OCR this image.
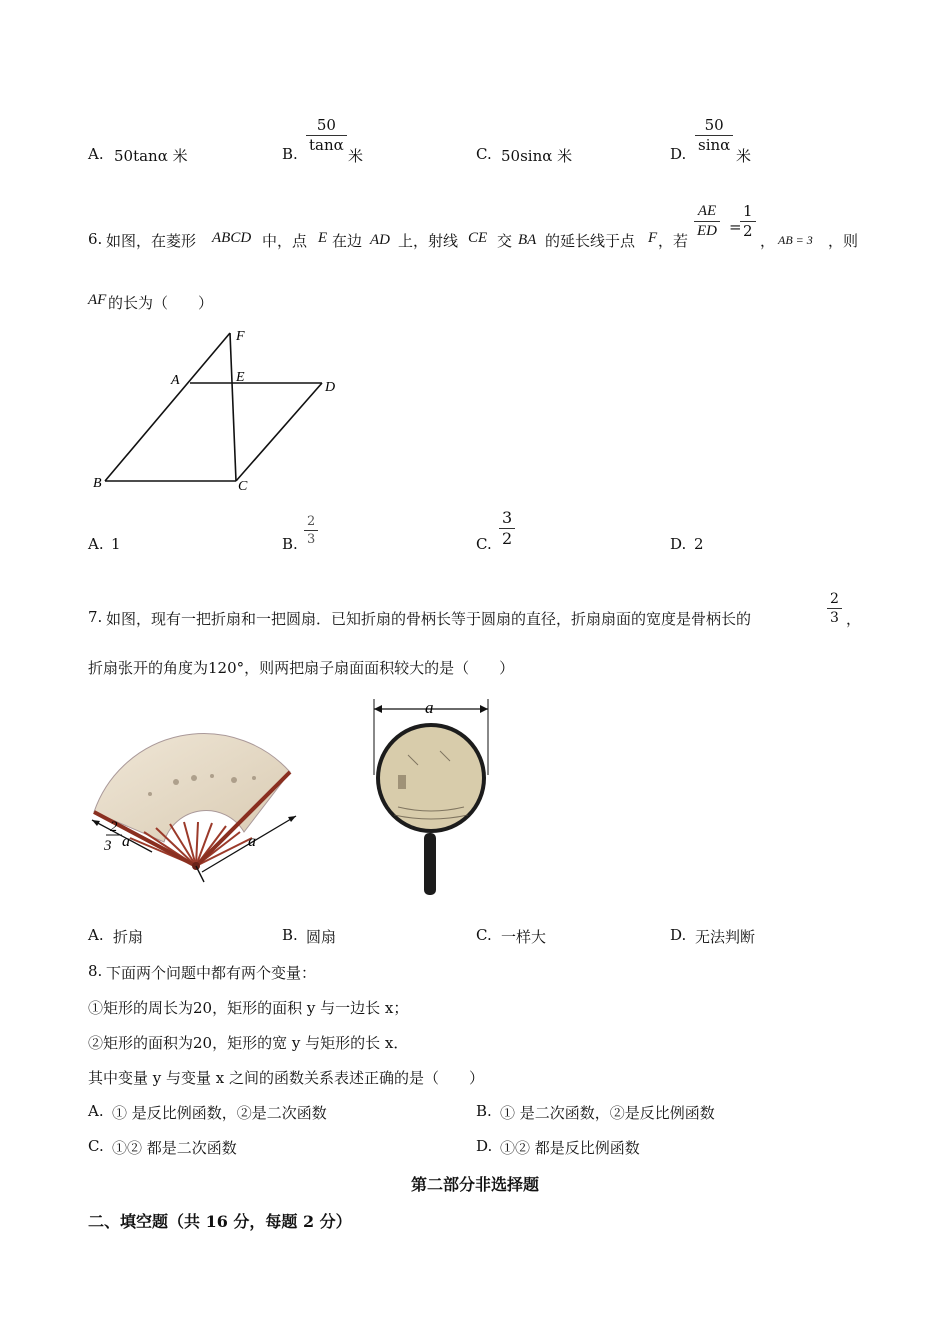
A. 50tanα 米	B.
50
tanα
米	C. 50sinα 米	D.
50
sinα
米
6. 如图，在菱形 ABCD 中，点 E 在边 AD 上，射线 CE 交 BA 的延长线于点 F ，若
AE
ED =
1
2
， AB = 3 ，则
AF 的长为（　　）
F
A	E
D
B	C
A. 1	B.
2
3	C.
3
2	D. 2
7. 如图，现有一把折扇和一把圆扇．已知折扇的骨柄长等于圆扇的直径，折扇扇面的宽度是骨柄长的
2
3 ，
折扇张开的角度为120°，则两把扇子扇面面积较大的是（　　）
2
3 a	a
a
A. 折扇	B. 圆扇	C. 一样大	D. 无法判断
8. 下面两个问题中都有两个变量：
①矩形的周长为20，矩形的面积 y 与一边长 x；
②矩形的面积为20，矩形的宽 y 与矩形的长 x．
其中变量 y 与变量 x 之间的函数关系表述正确的是（　　）
A. ① 是反比例函数，②是二次函数	B. ① 是二次函数，②是反比例函数
C. ①② 都是二次函数	D. ①② 都是反比例函数
第二部分非选择题
二、填空题（共 16 分，每题 2 分）
